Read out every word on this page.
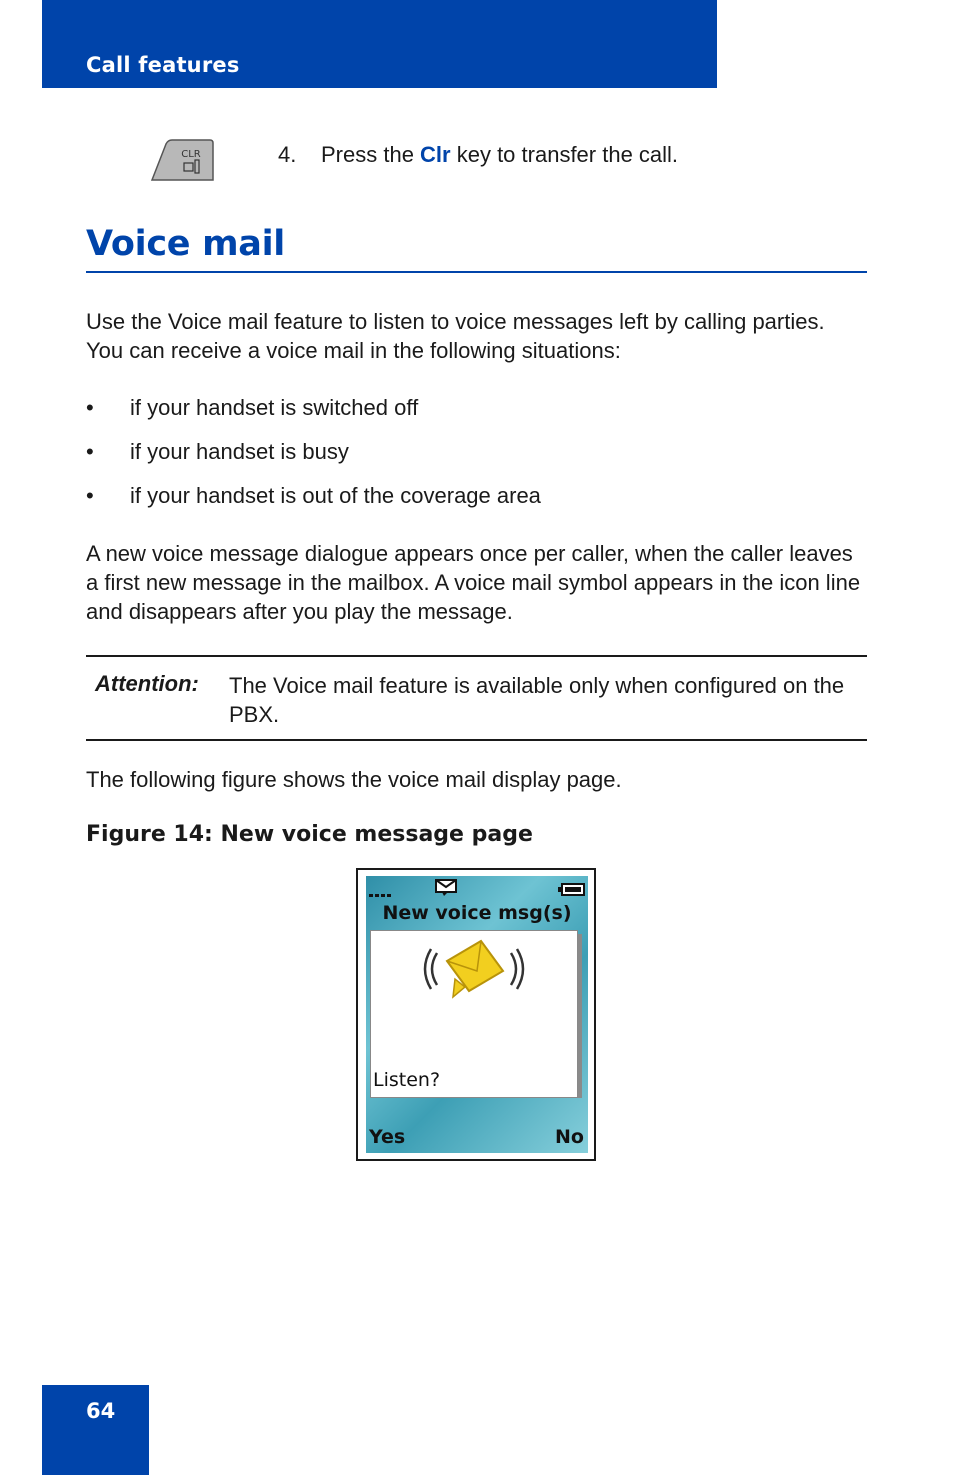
Call features
CLR	4. Press the Clr key to transfer the call.
Voice mail

Use the Voice mail feature to listen to voice messages left by calling parties. You can receive a voice mail in the following situations:

• if your handset is switched off
• if your handset is busy
• if your handset is out of the coverage area

A new voice message dialogue appears once per caller, when the caller leaves a first new message in the mailbox. A voice mail symbol appears in the icon line and disappears after you play the message.

Attention: The Voice mail feature is available only when configured on the PBX.

The following figure shows the voice mail display page.

Figure 14: New voice message page
New voice msg(s)
Listen?
Yes	No
64
